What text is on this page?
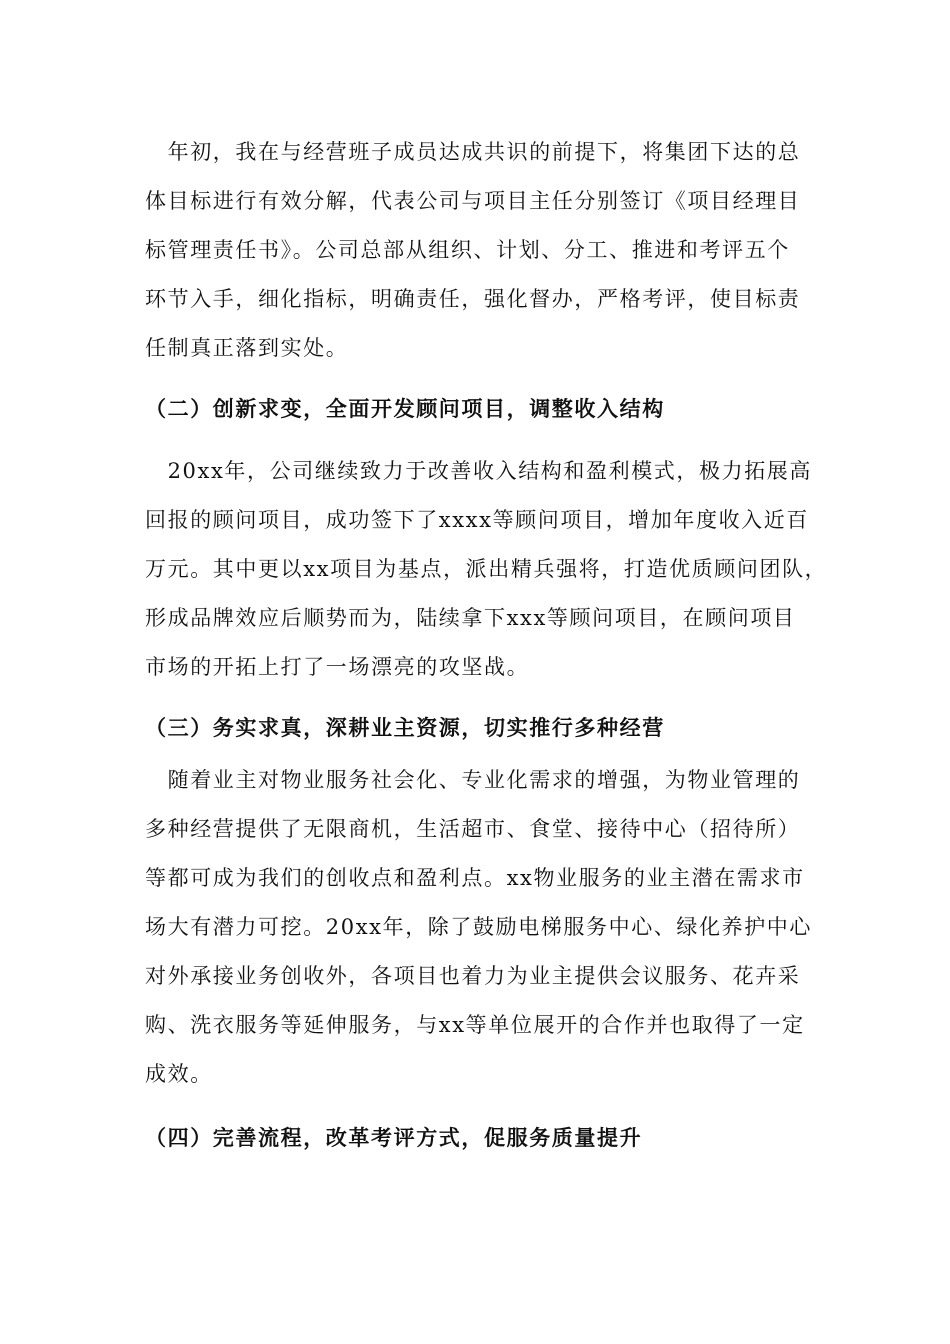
　年初，我在与经营班子成员达成共识的前提下，将集团下达的总
体目标进行有效分解，代表公司与项目主任分别签订《项目经理目
标管理责任书》。公司总部从组织、计划、分工、推进和考评五个
环节入手，细化指标，明确责任，强化督办，严格考评，使目标责
任制真正落到实处。
（二）创新求变，全面开发顾问项目，调整收入结构
　20xx年，公司继续致力于改善收入结构和盈利模式，极力拓展高
回报的顾问项目，成功签下了xxxx等顾问项目，增加年度收入近百
万元。其中更以xx项目为基点，派出精兵强将，打造优质顾问团队，
形成品牌效应后顺势而为，陆续拿下xxx等顾问项目，在顾问项目
市场的开拓上打了一场漂亮的攻坚战。
（三）务实求真，深耕业主资源，切实推行多种经营
　随着业主对物业服务社会化、专业化需求的增强，为物业管理的
多种经营提供了无限商机，生活超市、食堂、接待中心（招待所）
等都可成为我们的创收点和盈利点。xx物业服务的业主潜在需求市
场大有潜力可挖。20xx年，除了鼓励电梯服务中心、绿化养护中心
对外承接业务创收外，各项目也着力为业主提供会议服务、花卉采
购、洗衣服务等延伸服务，与xx等单位展开的合作并也取得了一定
成效。
（四）完善流程，改革考评方式，促服务质量提升
